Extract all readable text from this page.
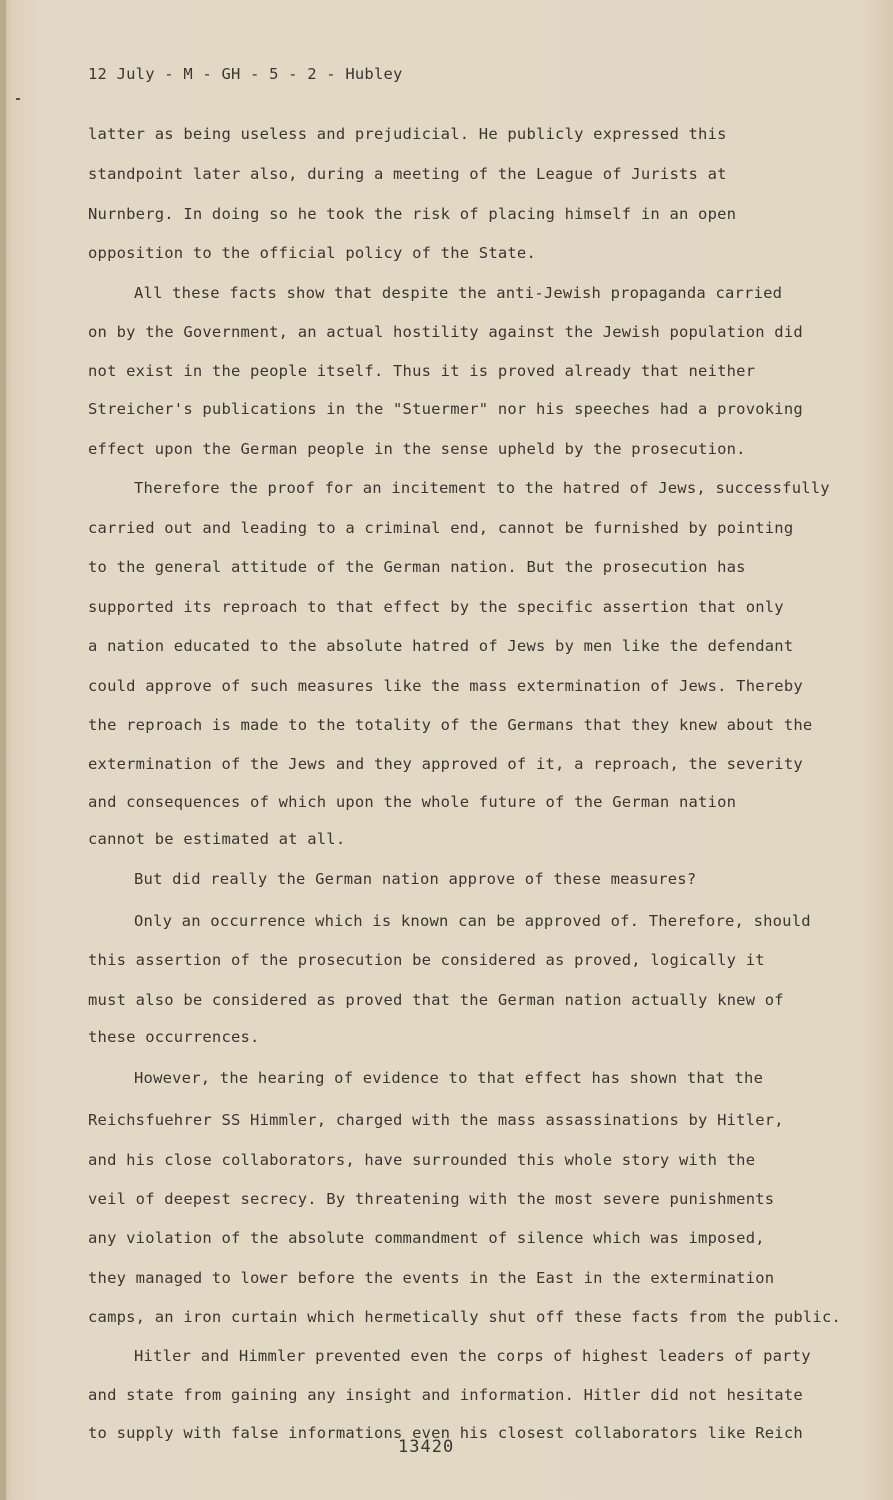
12 July - M - GH - 5 - 2 - Hubley
latter as being useless and prejudicial. He publicly expressed this
standpoint later also, during a meeting of the League of Jurists at
Nurnberg. In doing so he took the risk of placing himself in an open
opposition to the official policy of the State.
All these facts show that despite the anti-Jewish propaganda carried
on by the Government, an actual hostility against the Jewish population did
not exist in the people itself. Thus it is proved already that neither
Streicher's publications in the "Stuermer" nor his speeches had a provoking
effect upon the German people in the sense upheld by the prosecution.
Therefore the proof for an incitement to the hatred of Jews, successfully
carried out and leading to a criminal end, cannot be furnished by pointing
to the general attitude of the German nation. But the prosecution has
supported its reproach to that effect by the specific assertion that only
a nation educated to the absolute hatred of Jews by men like the defendant
could approve of such measures like the mass extermination of Jews. Thereby
the reproach is made to the totality of the Germans that they knew about the
extermination of the Jews and they approved of it, a reproach, the severity
and consequences of which upon the whole future of the German nation
cannot be estimated at all.
But did really the German nation approve of these measures?
Only an occurrence which is known can be approved of. Therefore, should
this assertion of the prosecution be considered as proved, logically it
must also be considered as proved that the German nation actually knew of
these occurrences.
However, the hearing of evidence to that effect has shown that the
Reichsfuehrer SS Himmler, charged with the mass assassinations by Hitler,
and his close collaborators, have surrounded this whole story with the
veil of deepest secrecy. By threatening with the most severe punishments
any violation of the absolute commandment of silence which was imposed,
they managed to lower before the events in the East in the extermination
camps, an iron curtain which hermetically shut off these facts from the public.
Hitler and Himmler prevented even the corps of highest leaders of party
and state from gaining any insight and information. Hitler did not hesitate
to supply with false informations even his closest collaborators like Reich
13420
